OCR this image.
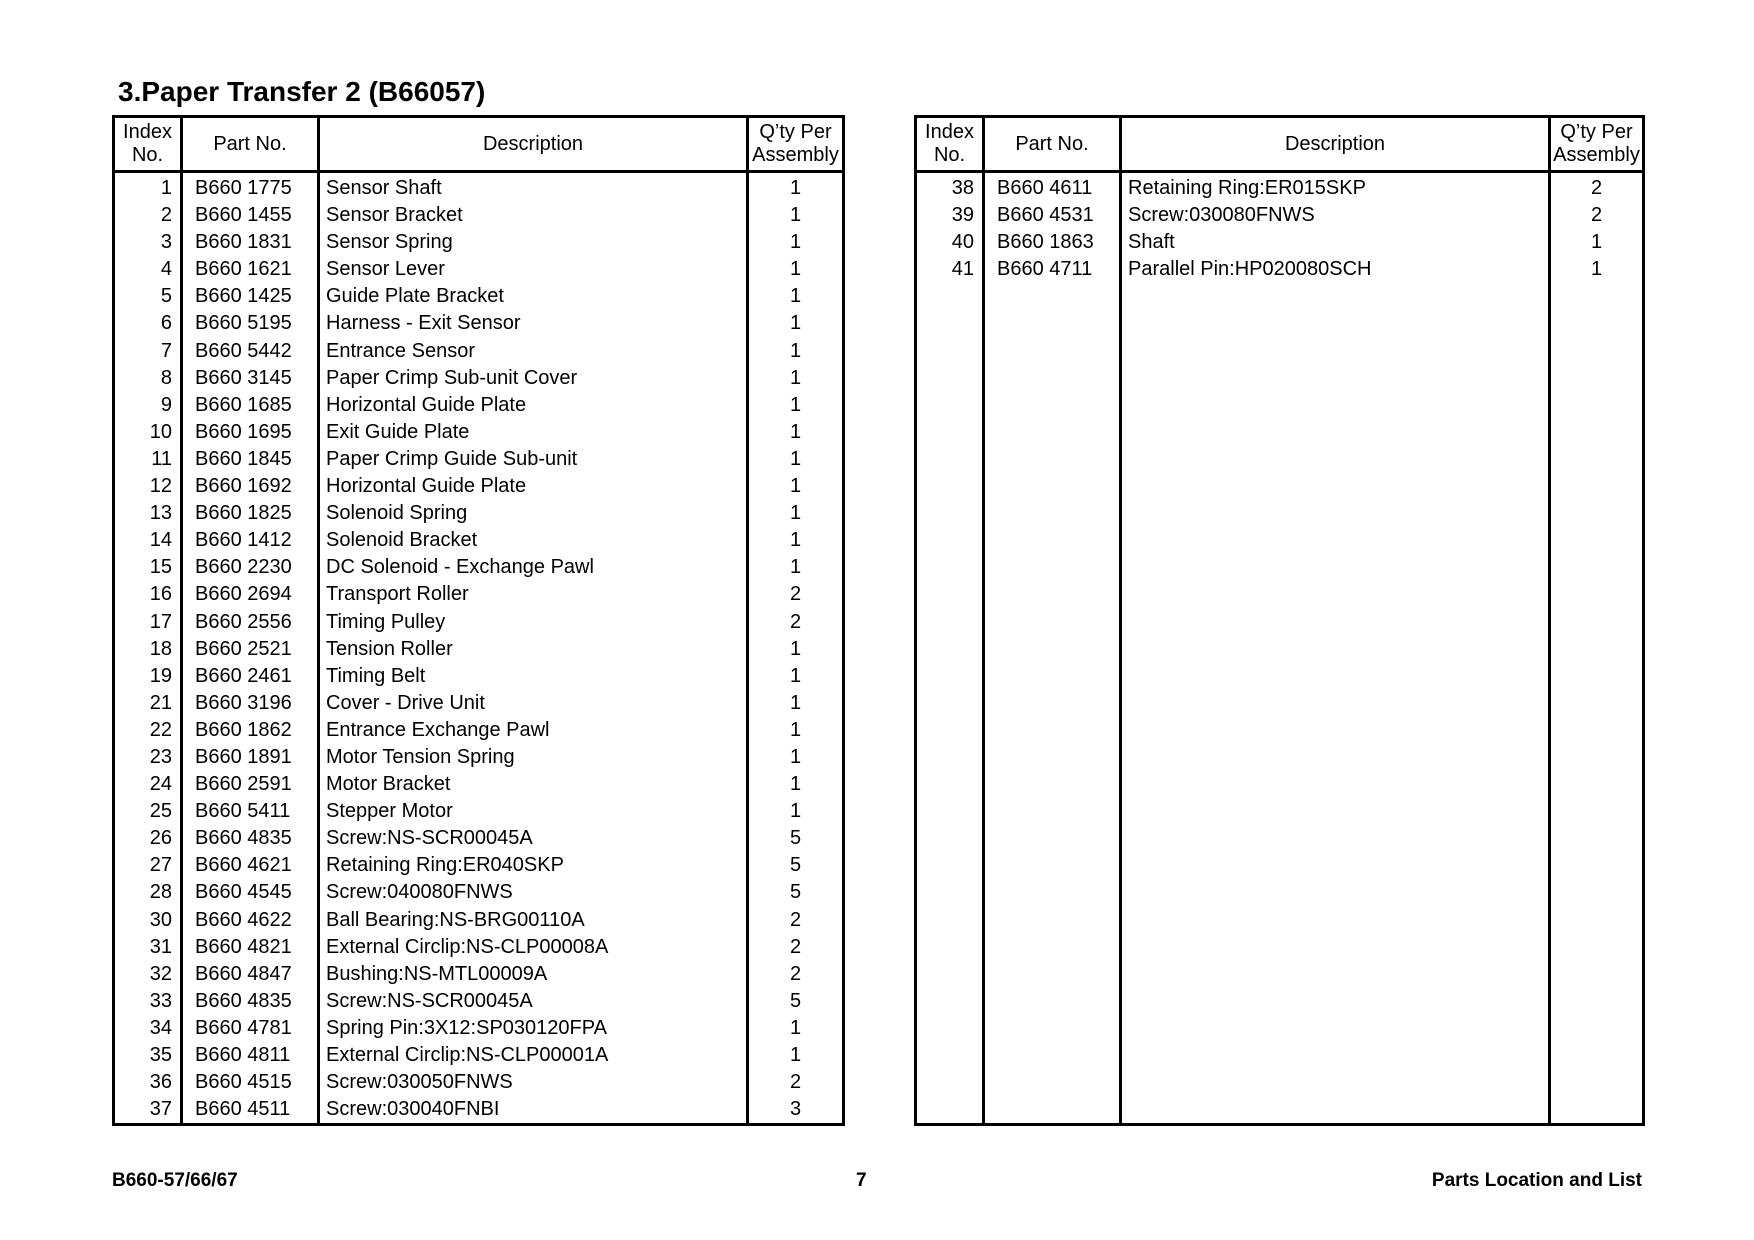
3.Paper Transfer 2 (B66057)
Index
No.	Part No.	Description	Q’ty Per
Assembly
1	B660 1775	Sensor Shaft	1
2	B660 1455	Sensor Bracket	1
3	B660 1831	Sensor Spring	1
4	B660 1621	Sensor Lever	1
5	B660 1425	Guide Plate Bracket	1
6	B660 5195	Harness - Exit Sensor	1
7	B660 5442	Entrance Sensor	1
8	B660 3145	Paper Crimp Sub-unit Cover	1
9	B660 1685	Horizontal Guide Plate	1
10	B660 1695	Exit Guide Plate	1
11	B660 1845	Paper Crimp Guide Sub-unit	1
12	B660 1692	Horizontal Guide Plate	1
13	B660 1825	Solenoid Spring	1
14	B660 1412	Solenoid Bracket	1
15	B660 2230	DC Solenoid - Exchange Pawl	1
16	B660 2694	Transport Roller	2
17	B660 2556	Timing Pulley	2
18	B660 2521	Tension Roller	1
19	B660 2461	Timing Belt	1
21	B660 3196	Cover - Drive Unit	1
22	B660 1862	Entrance Exchange Pawl	1
23	B660 1891	Motor Tension Spring	1
24	B660 2591	Motor Bracket	1
25	B660 5411	Stepper Motor	1
26	B660 4835	Screw:NS-SCR00045A	5
27	B660 4621	Retaining Ring:ER040SKP	5
28	B660 4545	Screw:040080FNWS	5
30	B660 4622	Ball Bearing:NS-BRG00110A	2
31	B660 4821	External Circlip:NS-CLP00008A	2
32	B660 4847	Bushing:NS-MTL00009A	2
33	B660 4835	Screw:NS-SCR00045A	5
34	B660 4781	Spring Pin:3X12:SP030120FPA	1
35	B660 4811	External Circlip:NS-CLP00001A	1
36	B660 4515	Screw:030050FNWS	2
37	B660 4511	Screw:030040FNBI	3
Index
No.	Part No.	Description	Q’ty Per
Assembly
38	B660 4611	Retaining Ring:ER015SKP	2
39	B660 4531	Screw:030080FNWS	2
40	B660 1863	Shaft	1
41	B660 4711	Parallel Pin:HP020080SCH	1

B660-57/66/67	7	Parts Location and List
